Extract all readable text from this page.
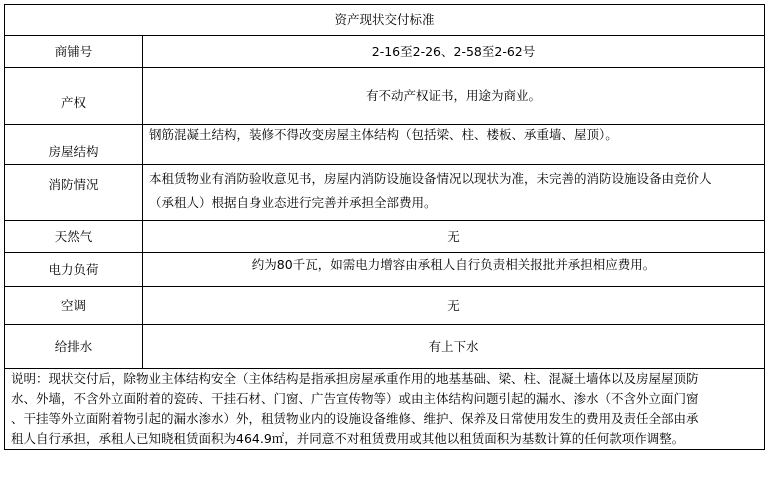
资产现状交付标准	
商铺号	2-16至2-26、2-58至2-62号
产权	有不动产权证书，用途为商业。
房屋结构	钢筋混凝土结构，装修不得改变房屋主体结构（包括梁、柱、楼板、承重墙、屋顶）。
消防情况	本租赁物业有消防验收意见书，房屋内消防设施设备情况以现状为准，未完善的消防设施设备由竞价人
（承租人）根据自身业态进行完善并承担全部费用。

天然气	无
电力负荷	约为80千瓦，如需电力增容由承租人自行负责相关报批并承担相应费用。
空调	无
给排水	有上下水

说明：现状交付后，除物业主体结构安全（主体结构是指承担房屋承重作用的地基基础、梁、柱、混凝土墙体以及房屋屋顶防
水、外墙，不含外立面附着的瓷砖、干挂石材、门窗、广告宣传物等）或由主体结构问题引起的漏水、渗水（不含外立面门窗
、干挂等外立面附着物引起的漏水渗水）外，租赁物业内的设施设备维修、维护、保养及日常使用发生的费用及责任全部由承
租人自行承担，承租人已知晓租赁面积为464.9㎡，并同意不对租赁费用或其他以租赁面积为基数计算的任何款项作调整。	
